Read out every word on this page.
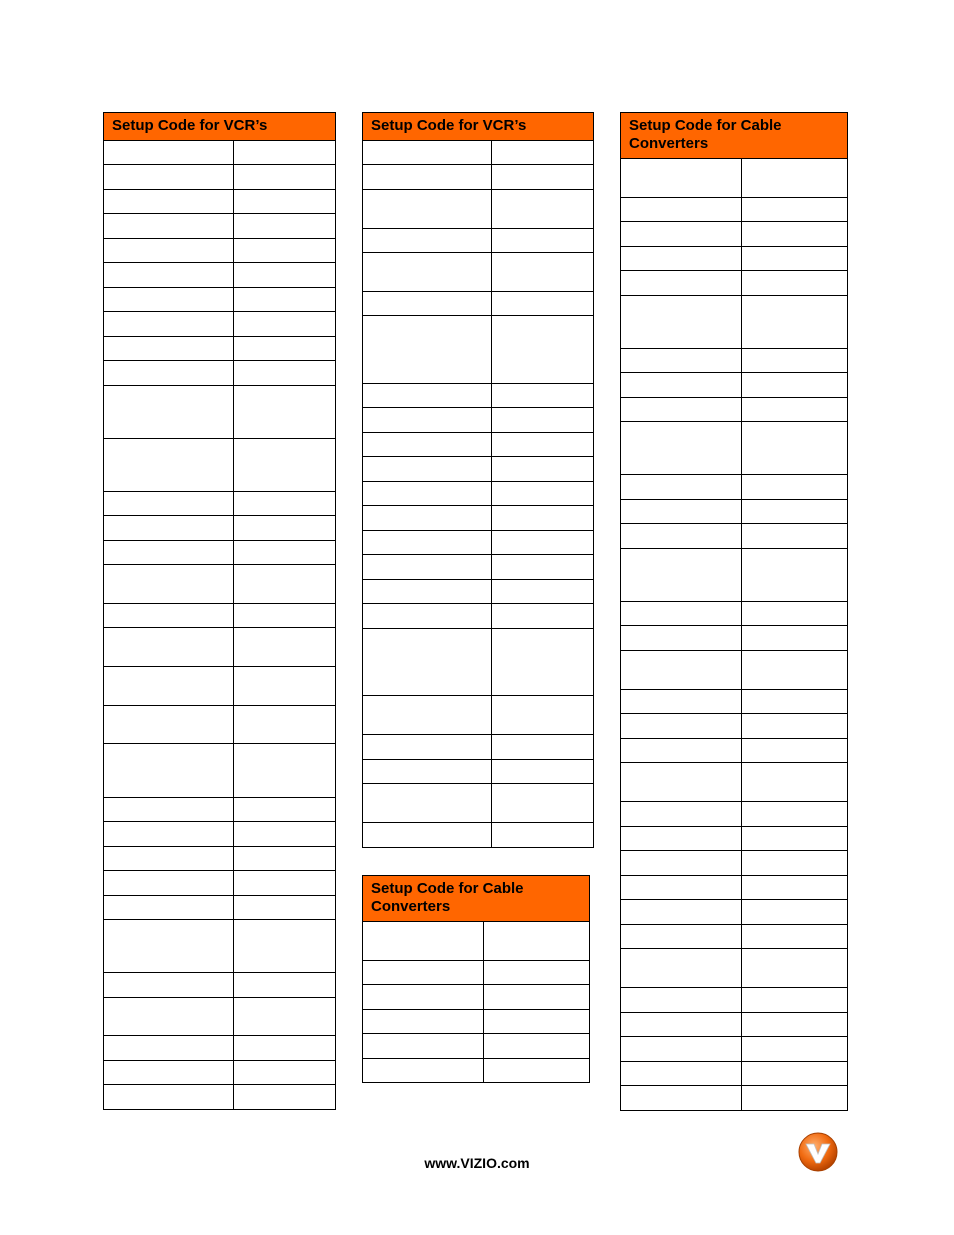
Setup Code for VCR’s	

		Setup Code for VCR’s	

		Setup Code for Cable Converters	

Setup Code for Cable Converters	

www.VIZIO.com
